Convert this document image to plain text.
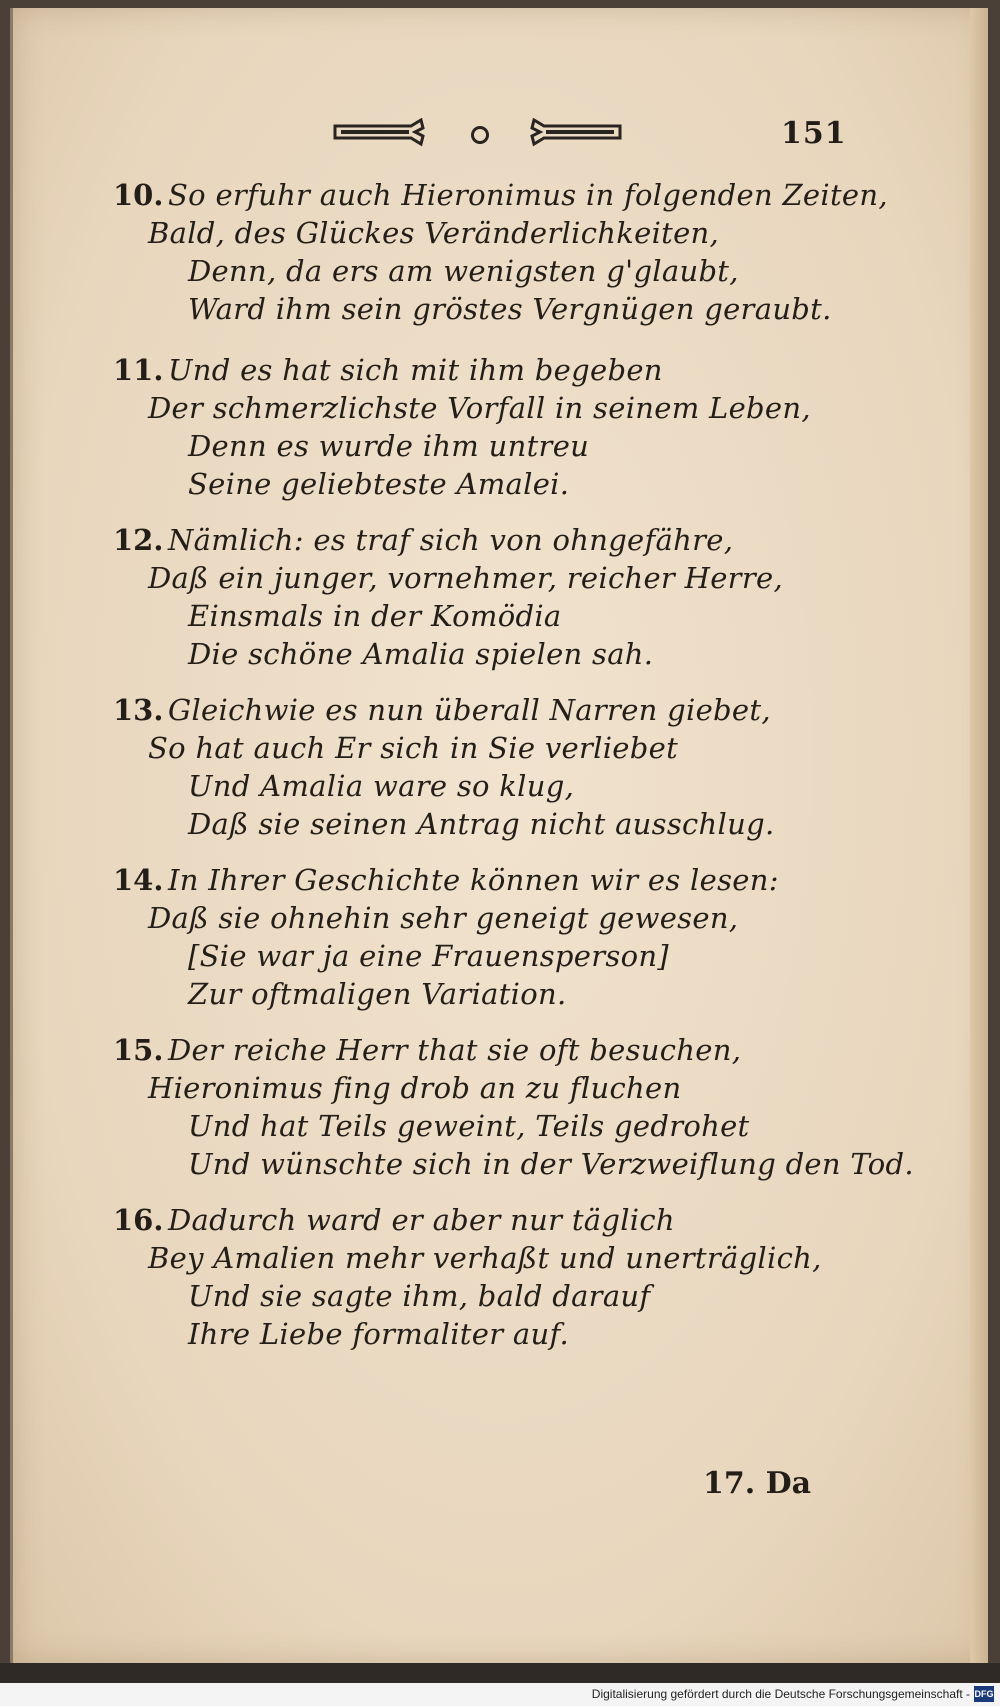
151
10. So erfuhr auch Hieronimus in folgenden Zeiten,
Bald, des Glückes Veränderlichkeiten,
Denn, da ers am wenigsten g'glaubt,
Ward ihm sein gröstes Vergnügen geraubt.
11. Und es hat sich mit ihm begeben
Der schmerzlichste Vorfall in seinem Leben,
Denn es wurde ihm untreu
Seine geliebteste Amalei.
12. Nämlich: es traf sich von ohngefähre,
Daß ein junger, vornehmer, reicher Herre,
Einsmals in der Komödia
Die schöne Amalia spielen sah.
13. Gleichwie es nun überall Narren giebet,
So hat auch Er sich in Sie verliebet
Und Amalia ware so klug,
Daß sie seinen Antrag nicht ausschlug.
14. In Ihrer Geschichte können wir es lesen:
Daß sie ohnehin sehr geneigt gewesen,
[Sie war ja eine Frauensperson]
Zur oftmaligen Variation.
15. Der reiche Herr that sie oft besuchen,
Hieronimus fing drob an zu fluchen
Und hat Teils geweint, Teils gedrohet
Und wünschte sich in der Verzweiflung den Tod.
16. Dadurch ward er aber nur täglich
Bey Amalien mehr verhaßt und unerträglich,
Und sie sagte ihm, bald darauf
Ihre Liebe formaliter auf.
17. Da
Digitalisierung gefördert durch die Deutsche Forschungsgemeinschaft - DFG
